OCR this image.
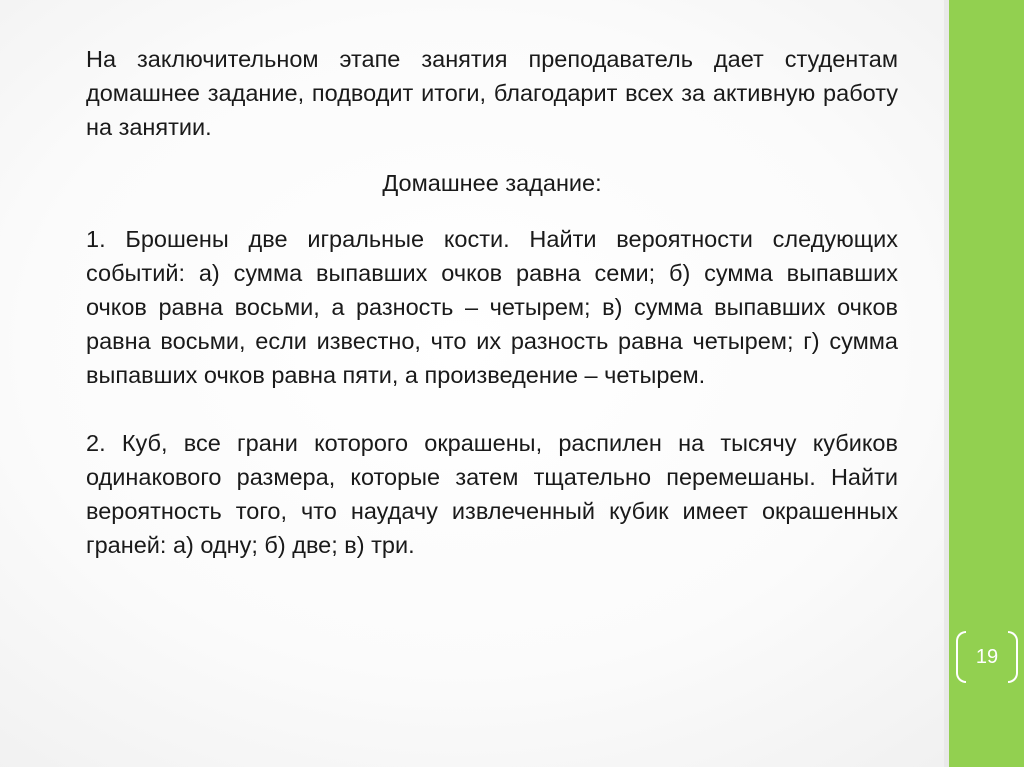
На заключительном этапе занятия преподаватель дает студентам домашнее задание, подводит итоги, благодарит всех за активную работу на занятии.

Домашнее задание:

1. Брошены две игральные кости. Найти вероятности следующих событий: а) сумма выпавших очков равна семи; б) сумма выпавших очков равна восьми, а разность – четырем; в) сумма выпавших очков равна восьми, если известно, что их разность равна четырем; г) сумма выпавших очков равна пяти, а произведение – четырем.

2. Куб, все грани которого окрашены, распилен на тысячу кубиков одинакового размера, которые затем тщательно перемешаны. Найти вероятность того, что наудачу извлеченный кубик имеет окрашенных граней: а) одну; б) две; в) три.

19
